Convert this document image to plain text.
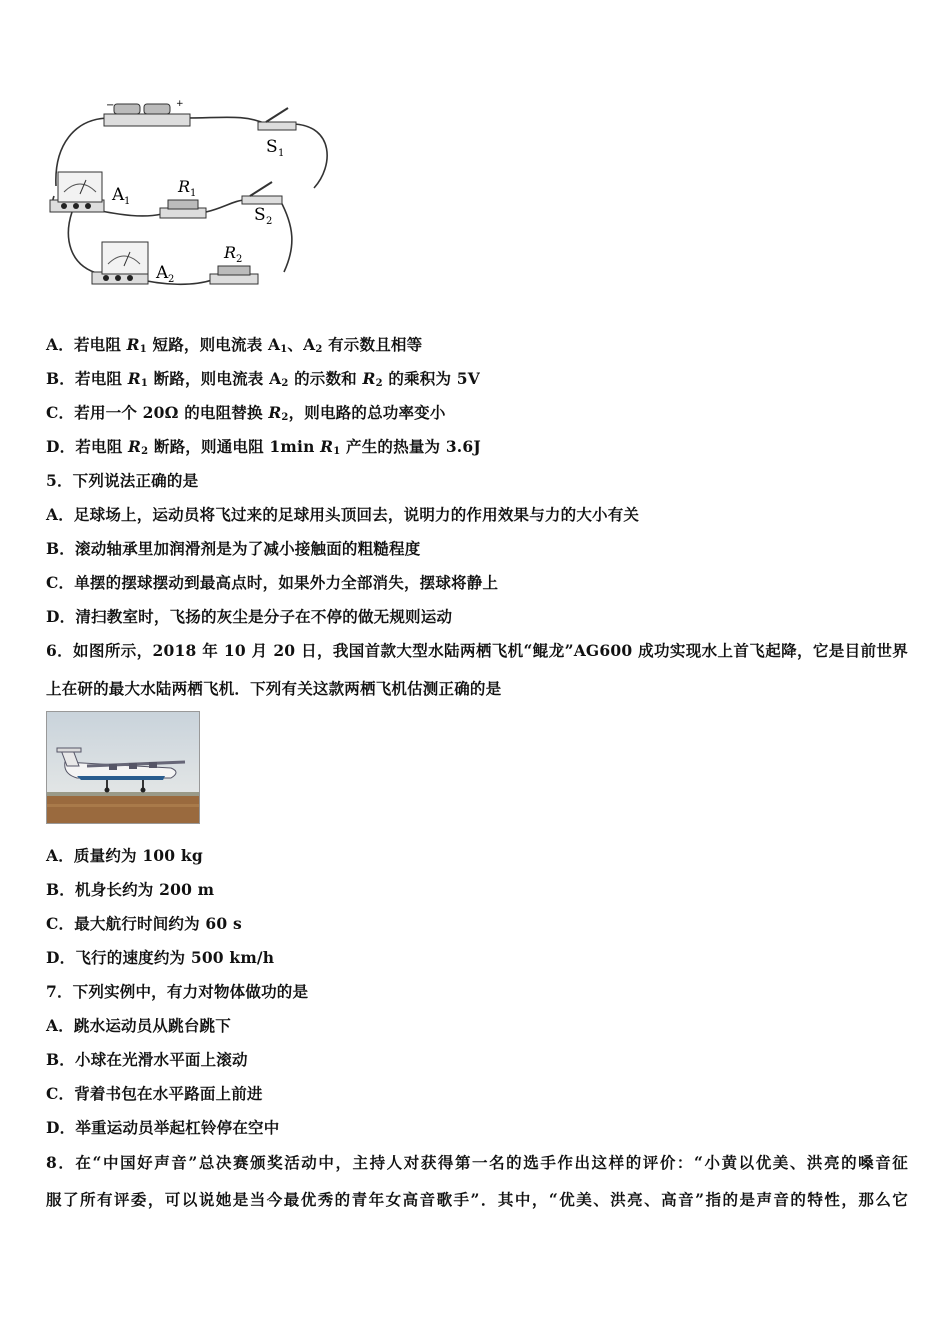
−	+
S 1
S 2
A 1
R 1
A 2
R 2
A．若电阻 $R_1$ 短路，则电流表 $A_1$、$A_2$ 有示数且相等
B．若电阻 $R_1$ 断路，则电流表 $A_2$ 的示数和 $R_2$ 的乘积为 5V
C．若用一个 20Ω 的电阻替换 $R_2$，则电路的总功率变小
D．若电阻 $R_2$ 断路，则通电阻 1min $R_1$ 产生的热量为 3.6J
5．下列说法正确的是
A．足球场上，运动员将飞过来的足球用头顶回去，说明力的作用效果与力的大小有关
B．滚动轴承里加润滑剂是为了减小接触面的粗糙程度
C．单摆的摆球摆动到最高点时，如果外力全部消失，摆球将静上
D．清扫教室时，飞扬的灰尘是分子在不停的做无规则运动
6．如图所示，2018 年 10 月 20 日，我国首款大型水陆两栖飞机“鲲龙”AG600 成功实现水上首飞起降，它是目前世界
上在研的最大水陆两栖飞机．下列有关这款两栖飞机估测正确的是
A．质量约为 100 kg
B．机身长约为 200 m
C．最大航行时间约为 60 s
D．飞行的速度约为 500 km/h
7．下列实例中，有力对物体做功的是
A．跳水运动员从跳台跳下
B．小球在光滑水平面上滚动
C．背着书包在水平路面上前进
D．举重运动员举起杠铃停在空中
8．在“中国好声音”总决赛颁奖活动中，主持人对获得第一名的选手作出这样的评价：“小黄以优美、洪亮的嗓音征
服了所有评委，可以说她是当今最优秀的青年女高音歌手”．其中，“优美、洪亮、高音”指的是声音的特性，那么它
